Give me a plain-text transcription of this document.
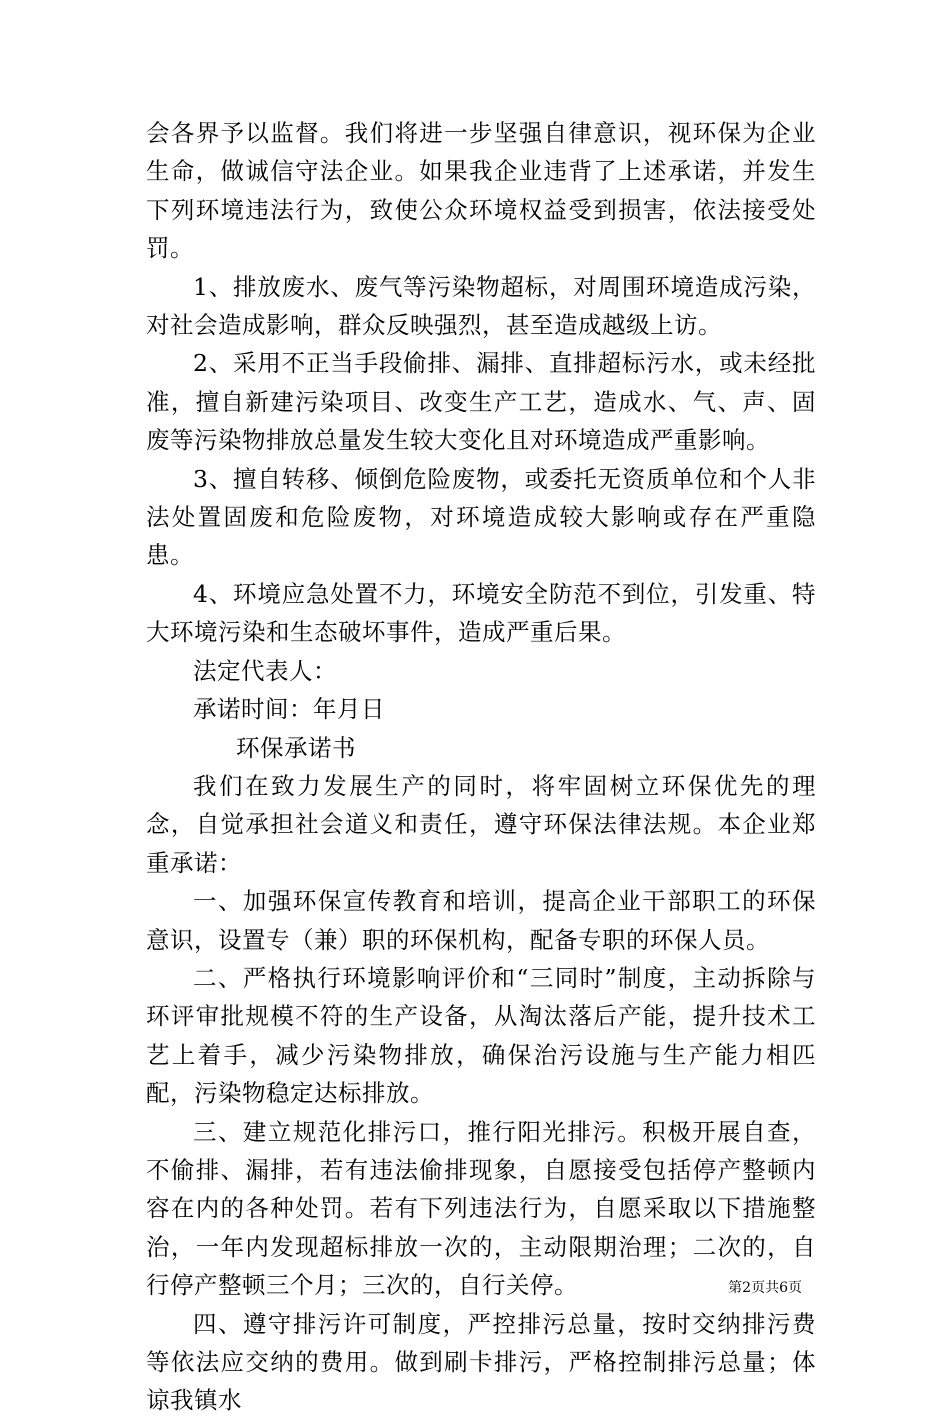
会各界予以监督。我们将进一步坚强自律意识，视环保为企业生命，做诚信守法企业。如果我企业违背了上述承诺，并发生下列环境违法行为，致使公众环境权益受到损害，依法接受处罚。

1、排放废水、废气等污染物超标，对周围环境造成污染，对社会造成影响，群众反映强烈，甚至造成越级上访。

2、采用不正当手段偷排、漏排、直排超标污水，或未经批准，擅自新建污染项目、改变生产工艺，造成水、气、声、固废等污染物排放总量发生较大变化且对环境造成严重影响。

3、擅自转移、倾倒危险废物，或委托无资质单位和个人非法处置固废和危险废物，对环境造成较大影响或存在严重隐患。

4、环境应急处置不力，环境安全防范不到位，引发重、特大环境污染和生态破坏事件，造成严重后果。

法定代表人：

承诺时间：年月日

环保承诺书

我们在致力发展生产的同时，将牢固树立环保优先的理念，自觉承担社会道义和责任，遵守环保法律法规。本企业郑重承诺：

一、加强环保宣传教育和培训，提高企业干部职工的环保意识，设置专（兼）职的环保机构，配备专职的环保人员。

二、严格执行环境影响评价和“三同时”制度，主动拆除与环评审批规模不符的生产设备，从淘汰落后产能，提升技术工艺上着手，减少污染物排放，确保治污设施与生产能力相匹配，污染物稳定达标排放。

三、建立规范化排污口，推行阳光排污。积极开展自查，不偷排、漏排，若有违法偷排现象，自愿接受包括停产整顿内容在内的各种处罚。若有下列违法行为，自愿采取以下措施整治，一年内发现超标排放一次的，主动限期治理；二次的，自行停产整顿三个月；三次的，自行关停。

四、遵守排污许可制度，严控排污总量，按时交纳排污费等依法应交纳的费用。做到刷卡排污，严格控制排污总量；体谅我镇水

第2页共6页
